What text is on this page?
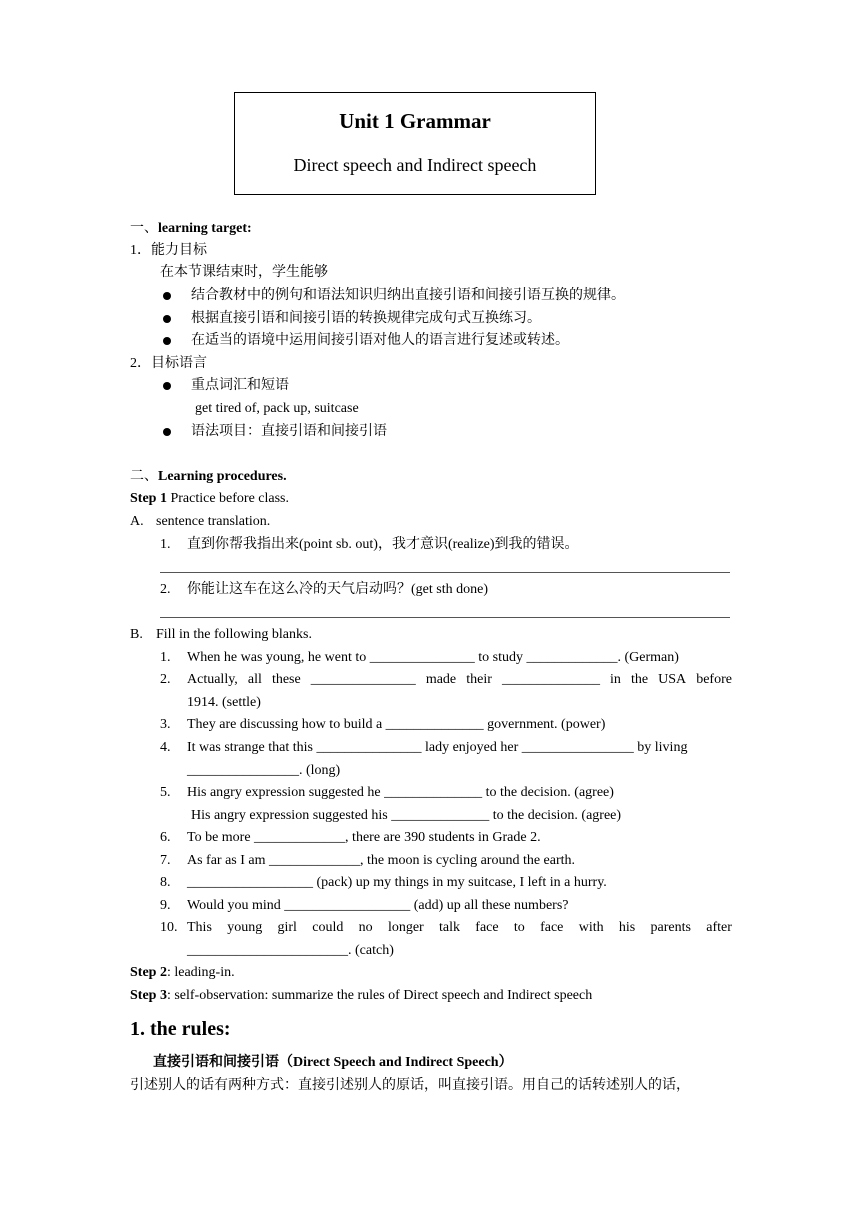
Unit 1 Grammar
Direct speech and Indirect speech
一、learning target:
1．能力目标
在本节课结束时，学生能够
结合教材中的例句和语法知识归纳出直接引语和间接引语互换的规律。
根据直接引语和间接引语的转换规律完成句式互换练习。
在适当的语境中运用间接引语对他人的语言进行复述或转述。
2．目标语言
重点词汇和短语
get tired of, pack up, suitcase
语法项目：直接引语和间接引语
二、Learning procedures.
Step 1 Practice before class.
A. sentence translation.
1. 直到你帮我指出来(point sb. out)，我才意识(realize)到我的错误。
2. 你能让这车在这么冷的天气启动吗？(get sth done)
B. Fill in the following blanks.
1. When he was young, he went to _______________ to study _____________. (German)
2. Actually, all these _______________ made their ______________ in the USA before
1914. (settle)
3. They are discussing how to build a ______________ government. (power)
4. It was strange that this _______________ lady enjoyed her ________________ by living
________________. (long)
5. His angry expression suggested he ______________ to the decision. (agree)
His angry expression suggested his ______________ to the decision. (agree)
6. To be more _____________, there are 390 students in Grade 2.
7. As far as I am _____________, the moon is cycling around the earth.
8. __________________ (pack) up my things in my suitcase, I left in a hurry.
9. Would you mind __________________ (add) up all these numbers?
10. This young girl could no longer talk face to face with his parents after
_______________________. (catch)
Step 2: leading-in.
Step 3: self-observation: summarize the rules of Direct speech and Indirect speech
1. the rules:
直接引语和间接引语（Direct Speech and Indirect Speech）
引述别人的话有两种方式：直接引述别人的原话，叫直接引语。用自己的话转述别人的话，
